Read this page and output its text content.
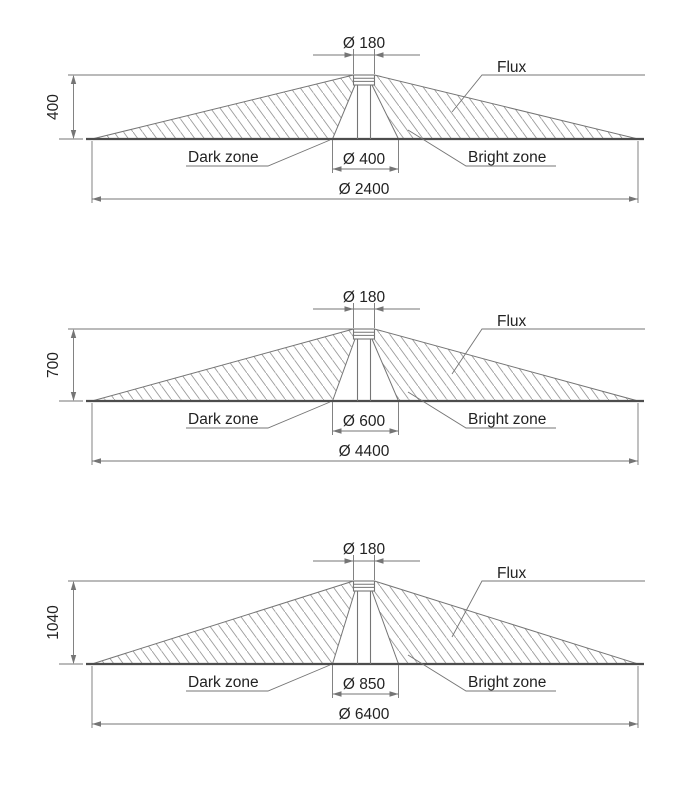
Ø 180
400
Ø 400
Ø 2400
Flux
Dark zone	Bright zone
Ø 180
700
Ø 600
Ø 4400
Flux
Dark zone	Bright zone
Ø 180
1040
Ø 850
Ø 6400
Flux
Dark zone	Bright zone
